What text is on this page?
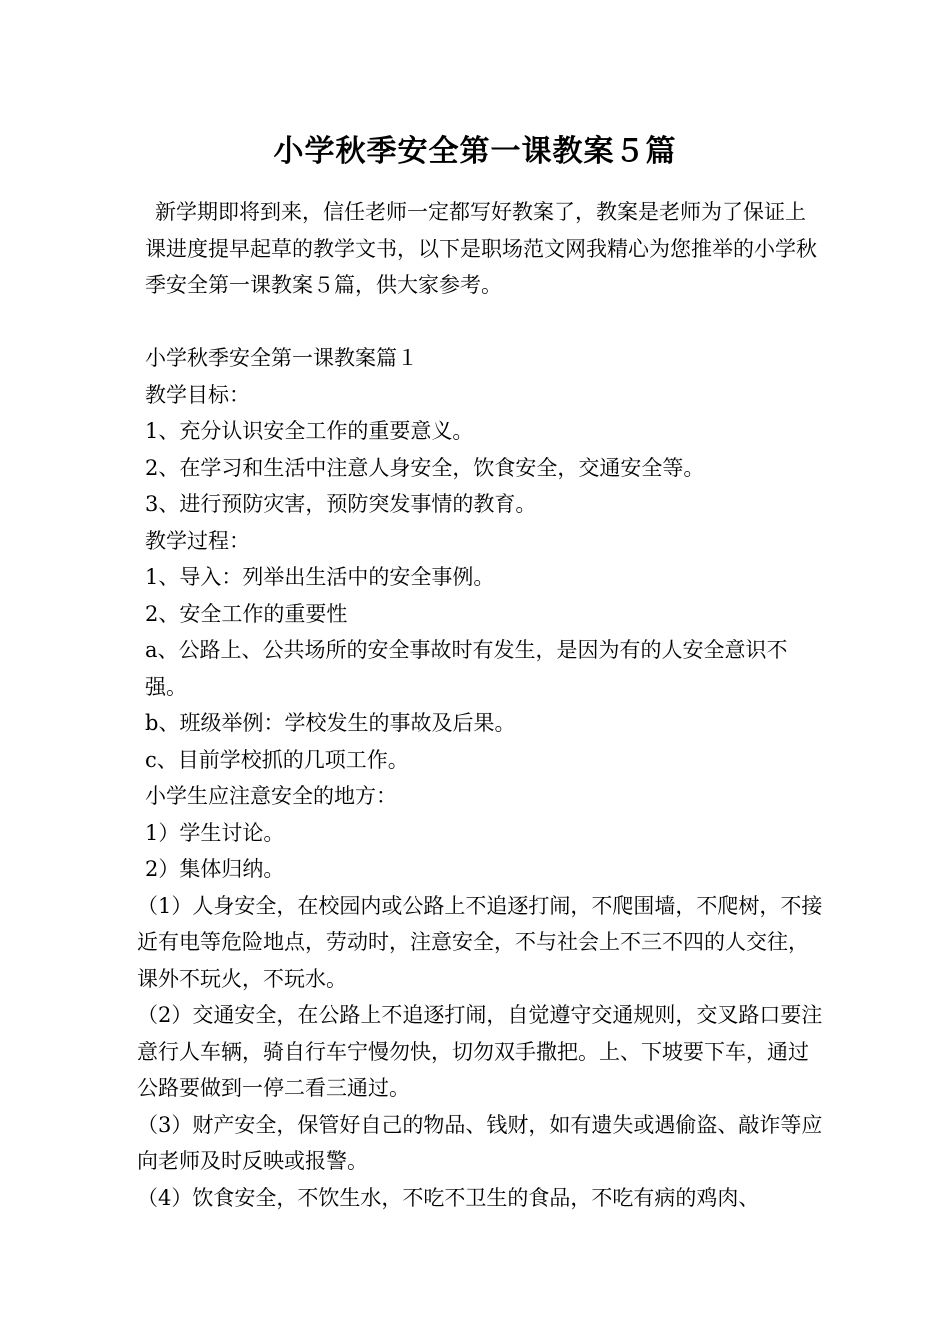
小学秋季安全第一课教案５篇

新学期即将到来，信任老师一定都写好教案了，教案是老师为了保证上课进度提早起草的教学文书，以下是职场范文网我精心为您推举的小学秋季安全第一课教案５篇，供大家参考。

小学秋季安全第一课教案篇１

教学目标：

1、充分认识安全工作的重要意义。

2、在学习和生活中注意人身安全，饮食安全，交通安全等。

3、进行预防灾害，预防突发事情的教育。

教学过程：

1、导入：列举出生活中的安全事例。

2、安全工作的重要性

a、公路上、公共场所的安全事故时有发生，是因为有的人安全意识不强。

b、班级举例：学校发生的事故及后果。

c、目前学校抓的几项工作。

小学生应注意安全的地方：

1）学生讨论。

2）集体归纳。

（1）人身安全，在校园内或公路上不追逐打闹，不爬围墙，不爬树，不接近有电等危险地点，劳动时，注意安全，不与社会上不三不四的人交往，课外不玩火，不玩水。

（2）交通安全，在公路上不追逐打闹，自觉遵守交通规则，交叉路口要注意行人车辆，骑自行车宁慢勿快，切勿双手撒把。上、下坡要下车，通过公路要做到一停二看三通过。

（3）财产安全，保管好自己的物品、钱财，如有遗失或遇偷盗、敲诈等应向老师及时反映或报警。

（4）饮食安全，不饮生水，不吃不卫生的食品，不吃有病的鸡肉、
